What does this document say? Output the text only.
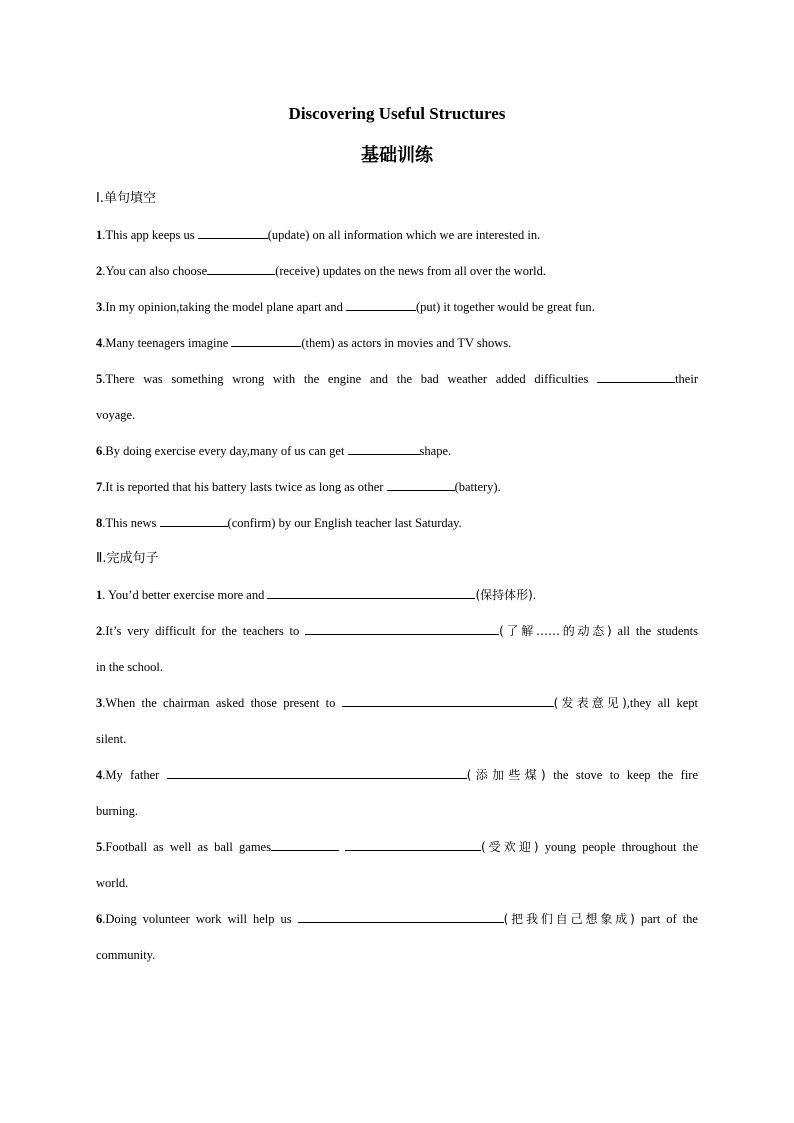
Discovering Useful Structures
基础训练
Ⅰ.单句填空
1.This app keeps us	(update) on all information which we are interested in.
2.You can also choose	(receive) updates on the news from all over the world.
3.In my opinion,taking the model plane apart and	(put) it together would be great fun.
4.Many teenagers imagine	(them) as actors in movies and TV shows.
5.There was something wrong with the engine and the bad weather added difficulties	their
voyage.
6.By doing exercise every day,many of us can get	shape.
7.It is reported that his battery lasts twice as long as other	(battery).
8.This news	(confirm) by our English teacher last Saturday.
Ⅱ.完成句子
1. You’d better exercise more and	(保持体形).
2.It’s very difficult for the teachers to	(了解……的动态) all the students
in the school.
3.When the chairman asked those present to	(发表意见),they all kept
silent.
4.My father	(添加些煤) the stove to keep the fire
burning.
5.Football as well as ball games	(受欢迎) young people throughout the
world.
6.Doing volunteer work will help us	(把我们自己想象成) part of the
community.
